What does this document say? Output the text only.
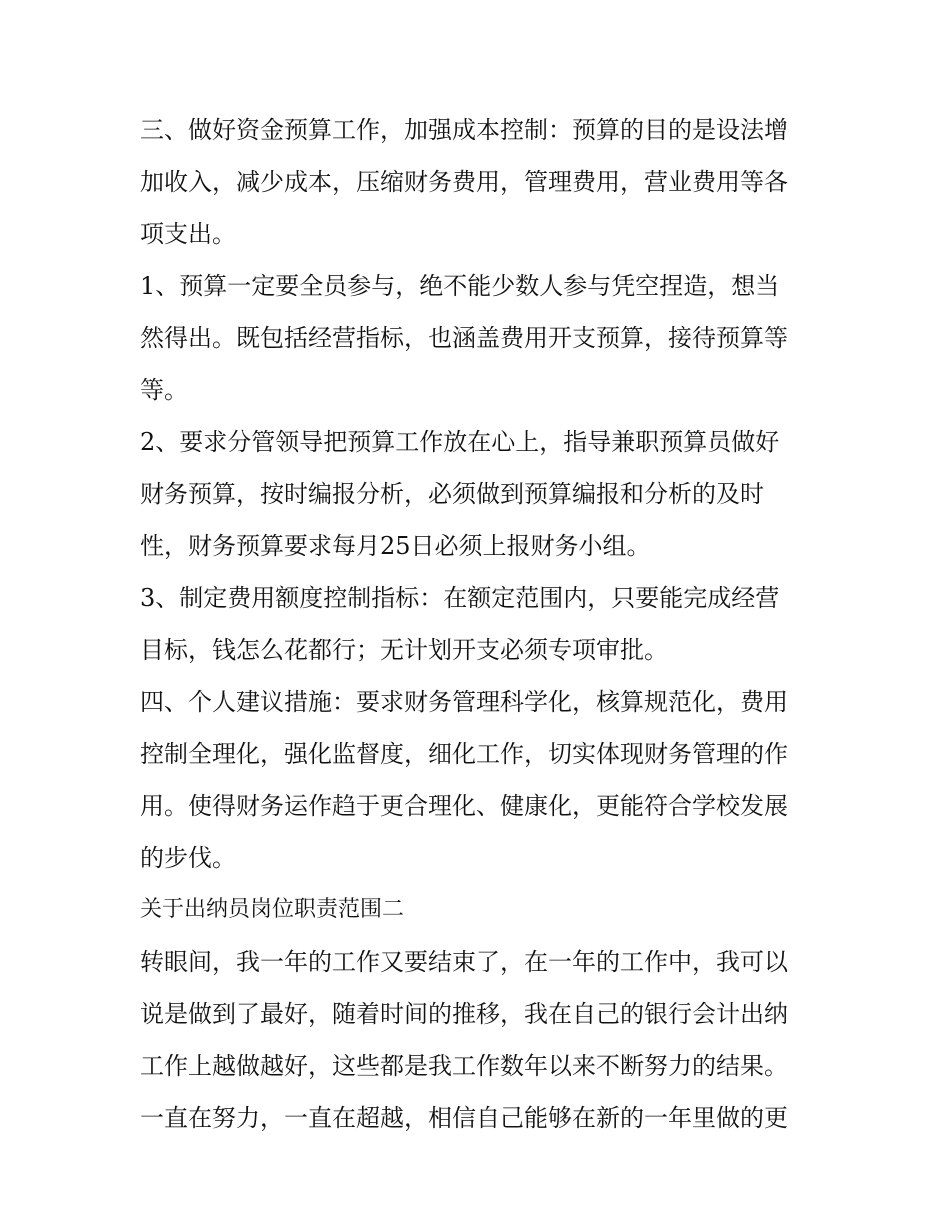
三、做好资金预算工作，加强成本控制：预算的目的是设法增
加收入，减少成本，压缩财务费用，管理费用，营业费用等各
项支出。
1、预算一定要全员参与，绝不能少数人参与凭空捏造，想当
然得出。既包括经营指标，也涵盖费用开支预算，接待预算等
等。
2、要求分管领导把预算工作放在心上，指导兼职预算员做好
财务预算，按时编报分析，必须做到预算编报和分析的及时
性，财务预算要求每月25日必须上报财务小组。
3、制定费用额度控制指标：在额定范围内，只要能完成经营
目标，钱怎么花都行；无计划开支必须专项审批。
四、个人建议措施：要求财务管理科学化，核算规范化，费用
控制全理化，强化监督度，细化工作，切实体现财务管理的作
用。使得财务运作趋于更合理化、健康化，更能符合学校发展
的步伐。
关于出纳员岗位职责范围二
转眼间，我一年的工作又要结束了，在一年的工作中，我可以
说是做到了最好，随着时间的推移，我在自己的银行会计出纳
工作上越做越好，这些都是我工作数年以来不断努力的结果。
一直在努力，一直在超越，相信自己能够在新的一年里做的更
